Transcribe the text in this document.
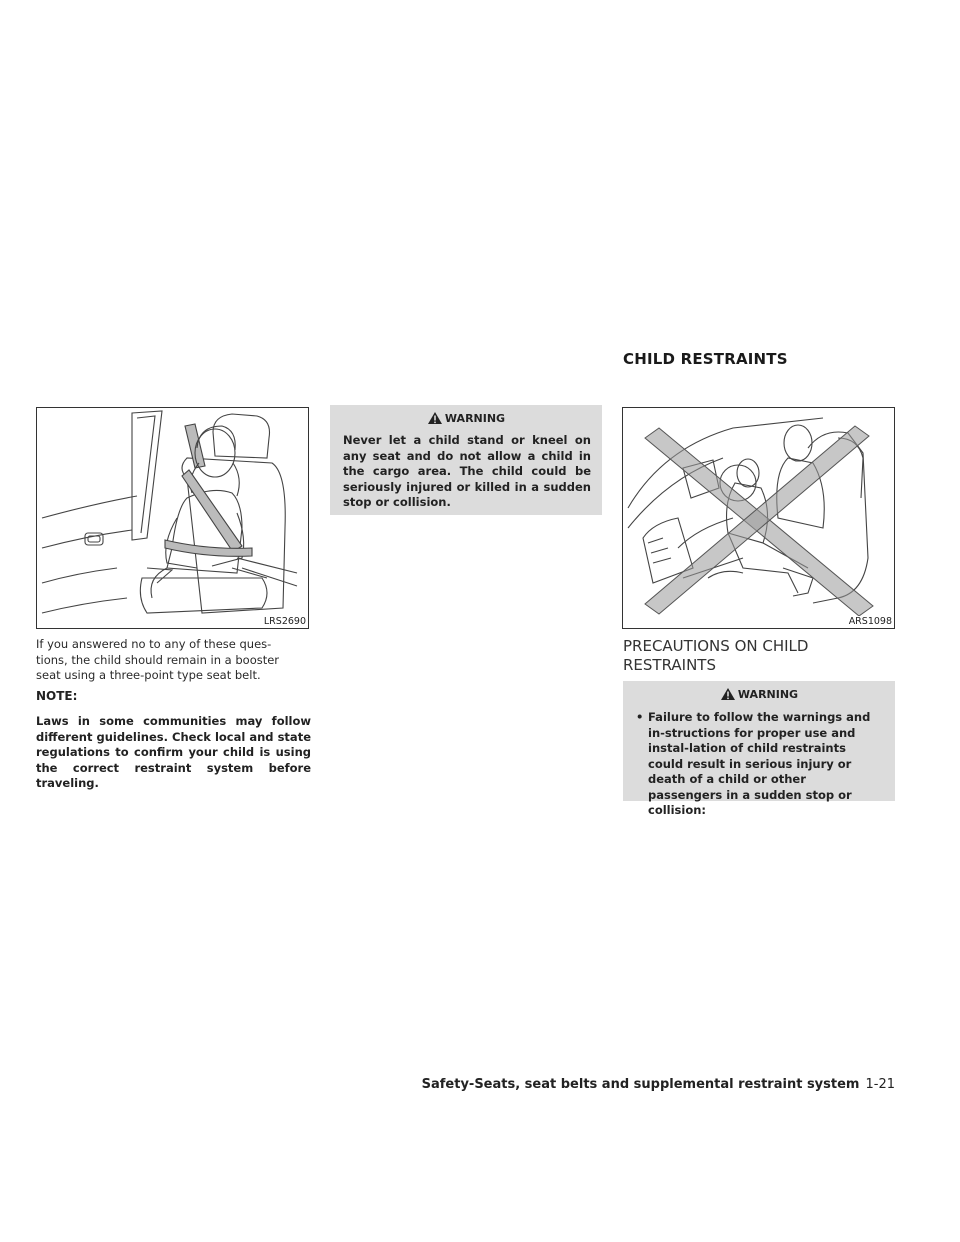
CHILD RESTRAINTS
LRS2690
If you answered no to any of these ques-
tions, the child should remain in a booster
seat using a three-point type seat belt.
NOTE:
Laws in some communities may follow different guidelines. Check local and state regulations to confirm your child is using the correct restraint system before traveling.
WARNING
Never let a child stand or kneel on any seat and do not allow a child in the cargo area. The child could be seriously injured or killed in a sudden stop or collision.
ARS1098
PRECAUTIONS ON CHILD
RESTRAINTS
WARNING
• Failure to follow the warnings and in-structions for proper use and instal-lation of child restraints could result in serious injury or death of a child or other passengers in a sudden stop or collision:
Safety-Seats, seat belts and supplemental restraint system 1-21
